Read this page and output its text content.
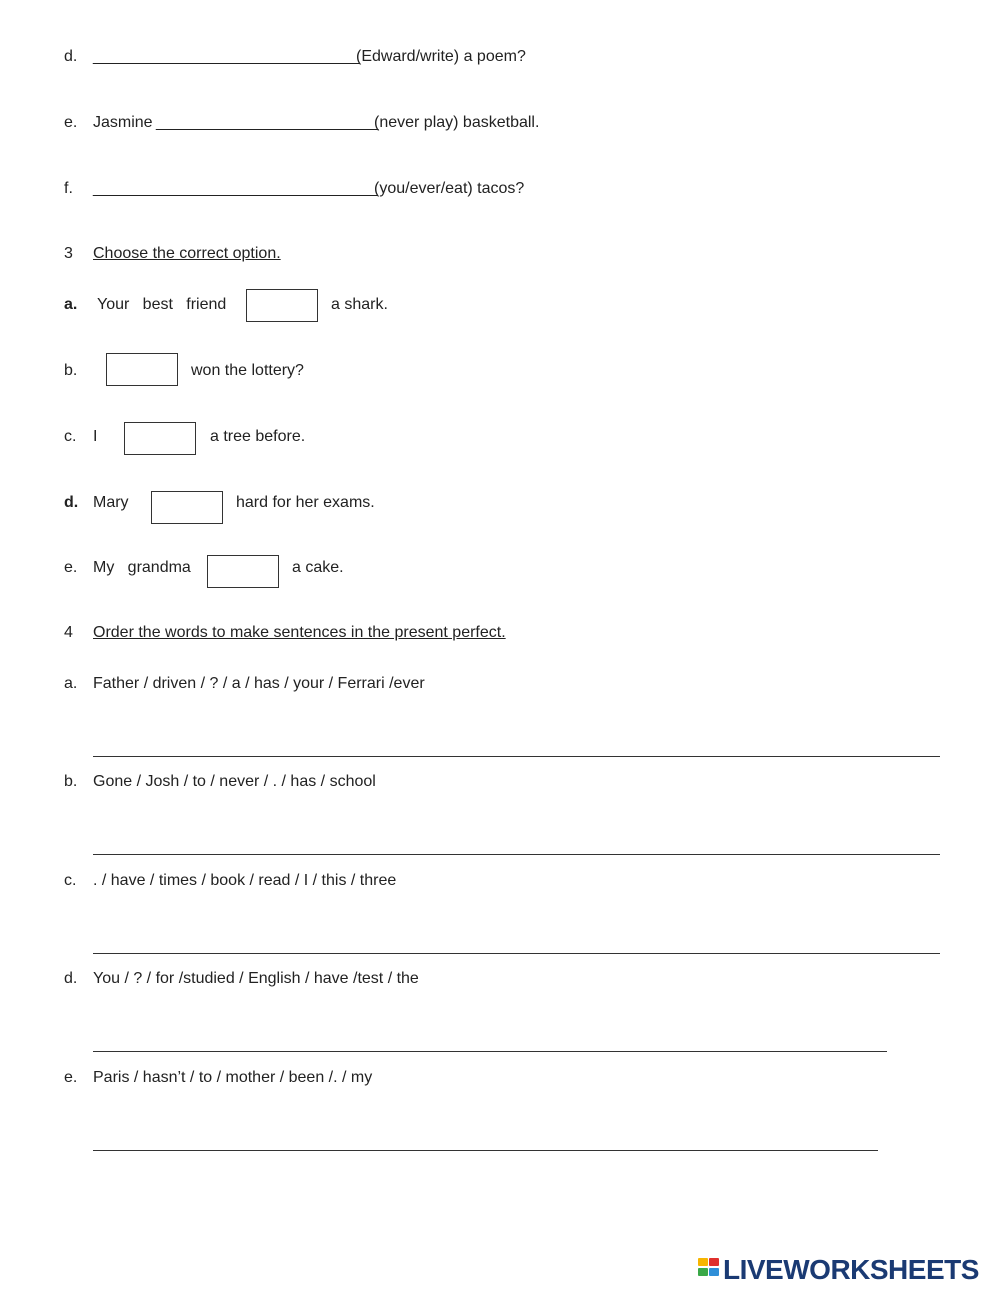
d. ______________________________
(Edward/write) a poem?
e. Jasmine _________________________
(never play) basketball.
f. ________________________________
(you/ever/eat) tacos?
3 Choose the correct option.
a. Your   best   friend	a shark.
b.	won the lottery?
c. I	a tree before.
d. Mary	hard for her exams.
e. My   grandma	a cake.
4 Order the words to make sentences in the present perfect.
a. Father / driven / ? / a / has / your / Ferrari /ever
b. Gone / Josh / to / never / . / has / school
c. . / have / times / book / read / I / this / three
d. You / ? / for /studied / English / have /test / the
e. Paris / hasn’t / to / mother / been /. / my
LIVEWORKSHEETS
